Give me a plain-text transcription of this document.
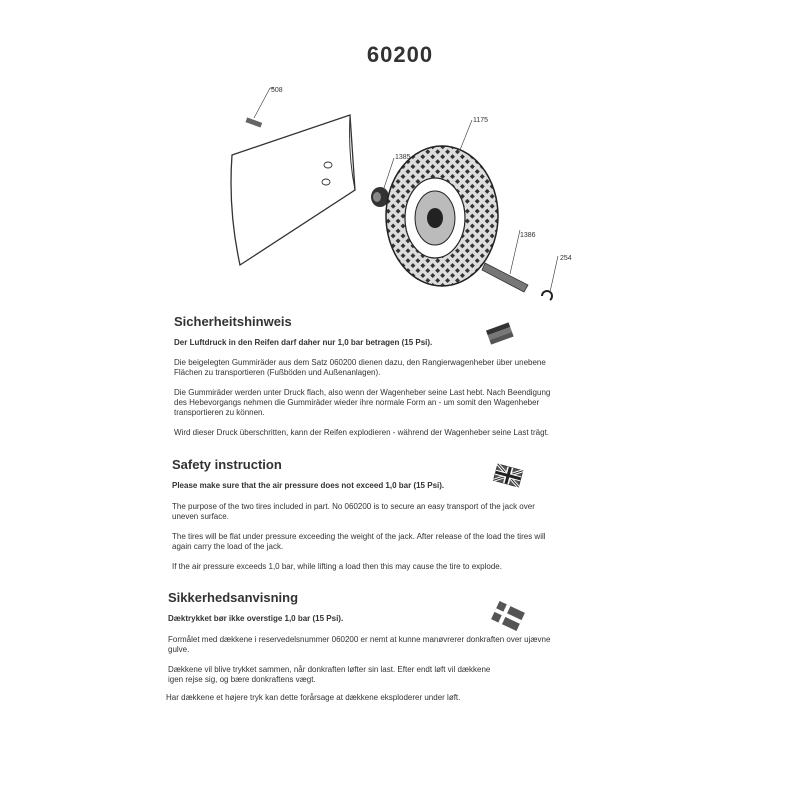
60200
508
1385
1175
1386
254
Sicherheitshinweis
Der Luftdruck in den Reifen darf daher nur 1,0 bar betragen (15 Psi).
Die beigelegten Gummiräder aus dem Satz 060200 dienen dazu, den Rangierwagenheber über unebene
Flächen zu transportieren (Fußböden und Außenanlagen).
Die Gummiräder werden unter Druck flach, also wenn der Wagenheber seine Last hebt. Nach Beendigung
des Hebevorgangs nehmen die Gummiräder wieder ihre normale Form an - um somit den Wagenheber
transportieren zu können.
Wird dieser Druck überschritten, kann der Reifen explodieren - während der Wagenheber seine Last trägt.
Safety instruction
Please make sure that the air pressure does not exceed 1,0 bar (15 Psi).
The purpose of the two tires included in part. No 060200 is to secure an easy transport of the jack over
uneven surface.
The tires will be flat under pressure exceeding the weight of the jack. After release of the load the tires will
again carry the load of the jack.
If the air pressure exceeds 1,0 bar, while lifting a load then this may cause the tire to explode.
Sikkerhedsanvisning
Dæktrykket bør ikke overstige 1,0 bar (15 Psi).
Formålet med dækkene i reservedelsnummer 060200 er nemt at kunne manøvrerer donkraften over ujævne
gulve.
Dækkene vil blive trykket sammen, når donkraften løfter sin last. Efter endt løft vil dækkene
igen rejse sig, og bære donkraftens vægt.
Har dækkene et højere tryk kan dette forårsage at dækkene eksploderer under løft.
